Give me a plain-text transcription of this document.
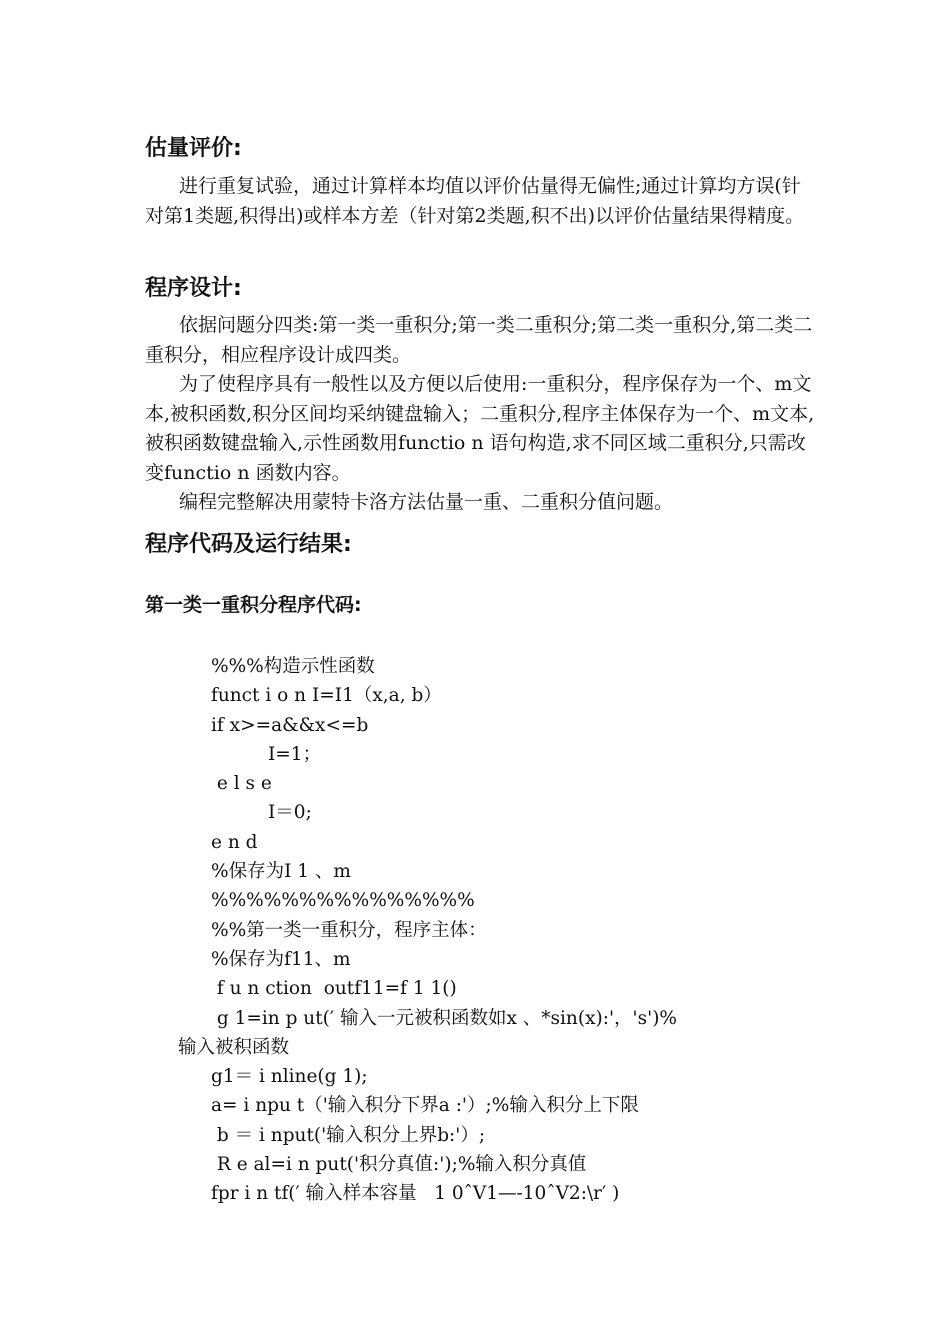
估量评价:

进行重复试验，通过计算样本均值以评价估量得无偏性;通过计算均方误(针对第1类题,积得出)或样本方差（针对第2类题,积不出)以评价估量结果得精度。

程序设计:

依据问题分四类:第一类一重积分;第一类二重积分;第二类一重积分,第二类二重积分，相应程序设计成四类。

为了使程序具有一般性以及方便以后使用:一重积分，程序保存为一个、m文本,被积函数,积分区间均采纳键盘输入；二重积分,程序主体保存为一个、m文本,被积函数键盘输入,示性函数用functio n 语句构造,求不同区域二重积分,只需改变functio n 函数内容。

编程完整解决用蒙特卡洛方法估量一重、二重积分值问题。

程序代码及运行结果:
第一类一重积分程序代码:
%%%构造示性函数
funct i o n I=I1（x,a, b）
if x>=a&&x<=b
I=1；
e l s e
I＝0;
e n d
%保存为I 1 、m
%%%%%%%%%%%%%%%
%%第一类一重积分，程序主体：
%保存为f11、m
f u n ction  outf11=f 1 1()
g 1=in p ut(′ 输入一元被积函数如x 、*sin(x):'，'s')%
输入被积函数
g1＝ i nline(g 1);
a= i npu t（'输入积分下界a :'）;%输入积分上下限
b ＝ i nput('输入积分上界b:'）;
R e al=i n put('积分真值:');%输入积分真值
fpr i n tf(′ 输入样本容量   1 0ˆV1—-10ˆV2:\r′ )
